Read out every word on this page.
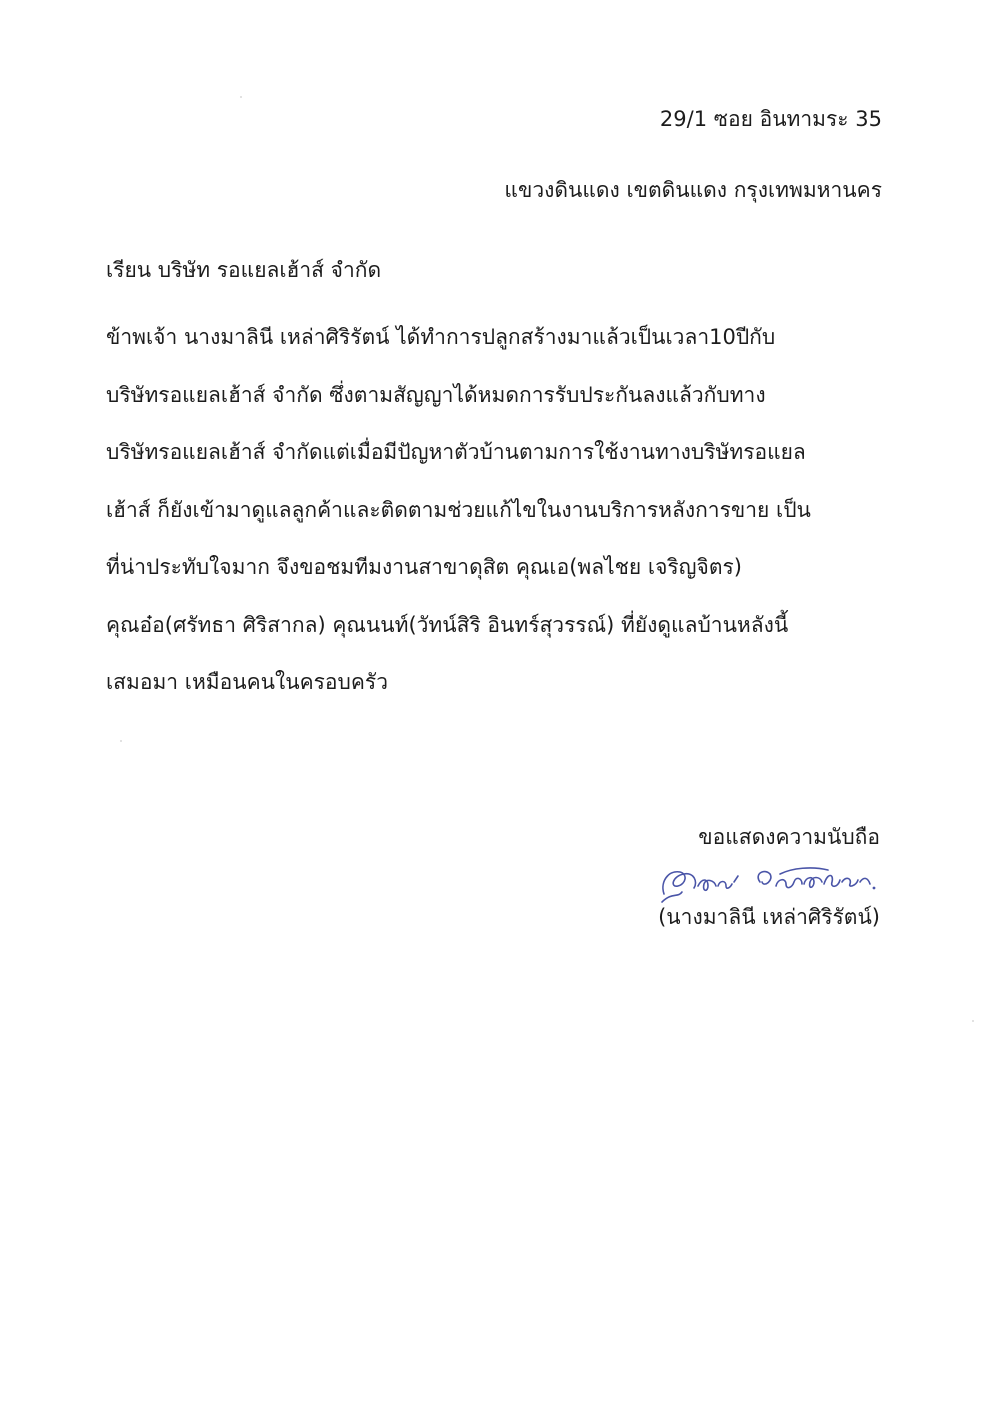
29/1 ซอย อินทามระ 35
แขวงดินแดง เขตดินแดง กรุงเทพมหานคร
เรียน บริษัท รอแยลเฮ้าส์ จำกัด
ข้าพเจ้า นางมาลินี เหล่าศิริรัตน์ ได้ทำการปลูกสร้างมาแล้วเป็นเวลา10ปีกับ
บริษัทรอแยลเฮ้าส์ จำกัด ซึ่งตามสัญญาได้หมดการรับประกันลงแล้วกับทาง
บริษัทรอแยลเฮ้าส์ จำกัดแต่เมื่อมีปัญหาตัวบ้านตามการใช้งานทางบริษัทรอแยล
เฮ้าส์ ก็ยังเข้ามาดูแลลูกค้าและติดตามช่วยแก้ไขในงานบริการหลังการขาย เป็น
ที่น่าประทับใจมาก จึงขอชมทีมงานสาขาดุสิต คุณเอ(พลไชย เจริญจิตร)
คุณอ๋อ(ศรัทธา ศิริสากล) คุณนนท์(วัทน์สิริ อินทร์สุวรรณ์) ที่ยังดูแลบ้านหลังนี้
เสมอมา เหมือนคนในครอบครัว
ขอแสดงความนับถือ
(นางมาลินี เหล่าศิริรัตน์)
